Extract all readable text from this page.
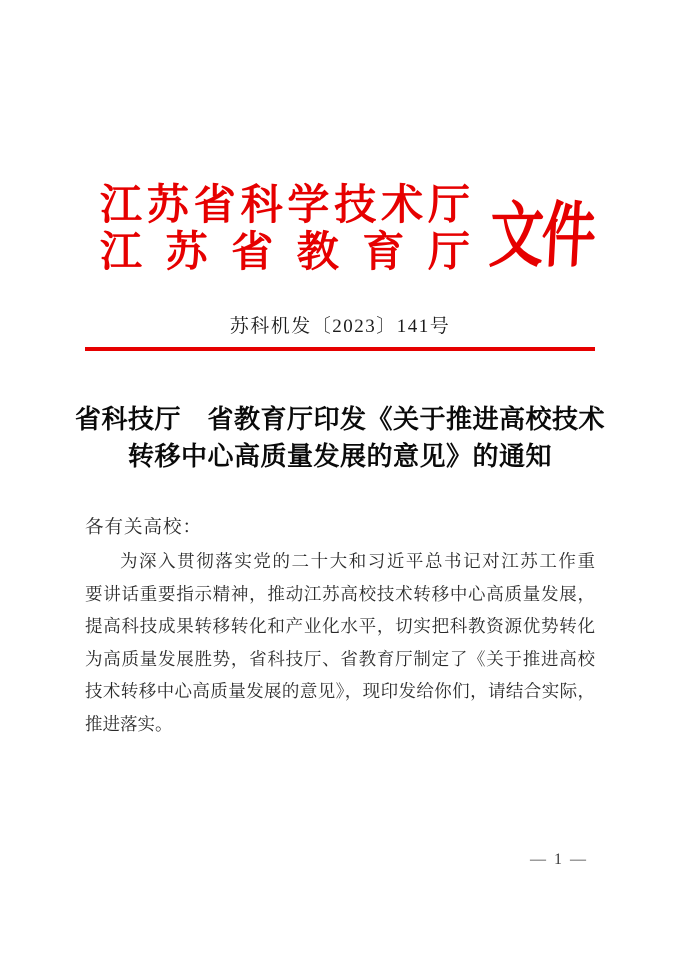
江苏省科学技术厅
江苏省教育厅 文件
苏科机发〔2023〕141号
省科技厅　省教育厅印发《关于推进高校技术
转移中心高质量发展的意见》的通知
各有关高校：
为深入贯彻落实党的二十大和习近平总书记对江苏工作重
要讲话重要指示精神，推动江苏高校技术转移中心高质量发展，
提高科技成果转移转化和产业化水平，切实把科教资源优势转化
为高质量发展胜势，省科技厅、省教育厅制定了《关于推进高校
技术转移中心高质量发展的意见》，现印发给你们，请结合实际，
推进落实。
— 1 —
